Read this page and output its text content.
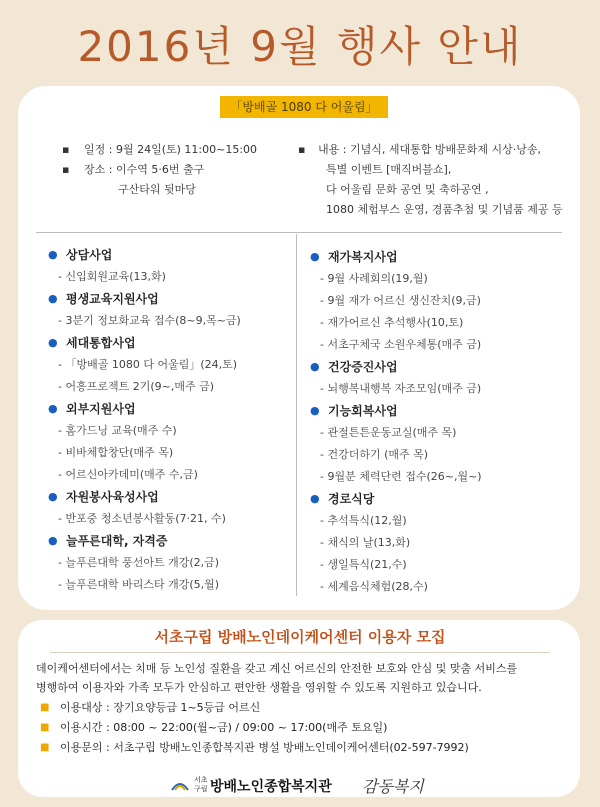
2016년 9월 행사 안내
「방배골 1080 다 어울림」
▪ 일정 : 9월 24일(토) 11:00~15:00
▪ 장소 : 이수역 5·6번 출구
구산타워 뒷마당
▪ 내용 : 기념식, 세대통합 방배문화제 시상·낭송,
특별 이벤트 [매직버블쇼],
다 어울림 문화 공연 및 축하공연 ,
1080 체험부스 운영, 경품추첨 및 기념품 제공 등
● 상담사업
- 신입회원교육(13,화)
● 평생교육지원사업
- 3분기 정보화교육 접수(8~9,목~금)
● 세대통합사업
- 「방배골 1080 다 어울림」(24,토)
- 어흥프로젝트 2기(9~,매주 금)
● 외부지원사업
- 홈가드닝 교육(매주 수)
- 비바체합창단(매주 목)
- 어르신아카데미(매주 수,금)
● 자원봉사육성사업
- 반포중 청소년봉사활동(7·21, 수)
● 늘푸른대학, 자격증
- 늘푸른대학 풍선아트 개강(2,금)
- 늘푸른대학 바리스타 개강(5,월)
● 재가복지사업
- 9월 사례회의(19,월)
- 9월 재가 어르신 생신잔치(9,금)
- 재가어르신 추석행사(10,토)
- 서초구체국 소원우체통(매주 금)
● 건강증진사업
- 뇌행복내행복 자조모임(매주 금)
● 기능회복사업
- 관절튼튼운동교실(매주 목)
- 건강더하기 (매주 목)
- 9월분 체력단련 접수(26~,월~)
● 경로식당
- 추석특식(12,월)
- 채식의 날(13,화)
- 생일특식(21,수)
- 세계음식체험(28,수)
서초구립 방배노인데이케어센터 이용자 모집
데이케어센터에서는 치매 등 노인성 질환을 갖고 계신 어르신의 안전한 보호와 안심 및 맞춤 서비스를
병행하여 이용자와 가족 모두가 안심하고 편안한 생활을 영위할 수 있도록 지원하고 있습니다.
■ 이용대상 : 장기요양등급 1~5등급 어르신
■ 이용시간 : 08:00 ~ 22:00(월~금) / 09:00 ~ 17:00(매주 토요일)
■ 이용문의 : 서초구립 방배노인종합복지관 병설 방배노인데이케어센터(02-597-7992)
서초 구립 방배노인종합복지관 감동복지
